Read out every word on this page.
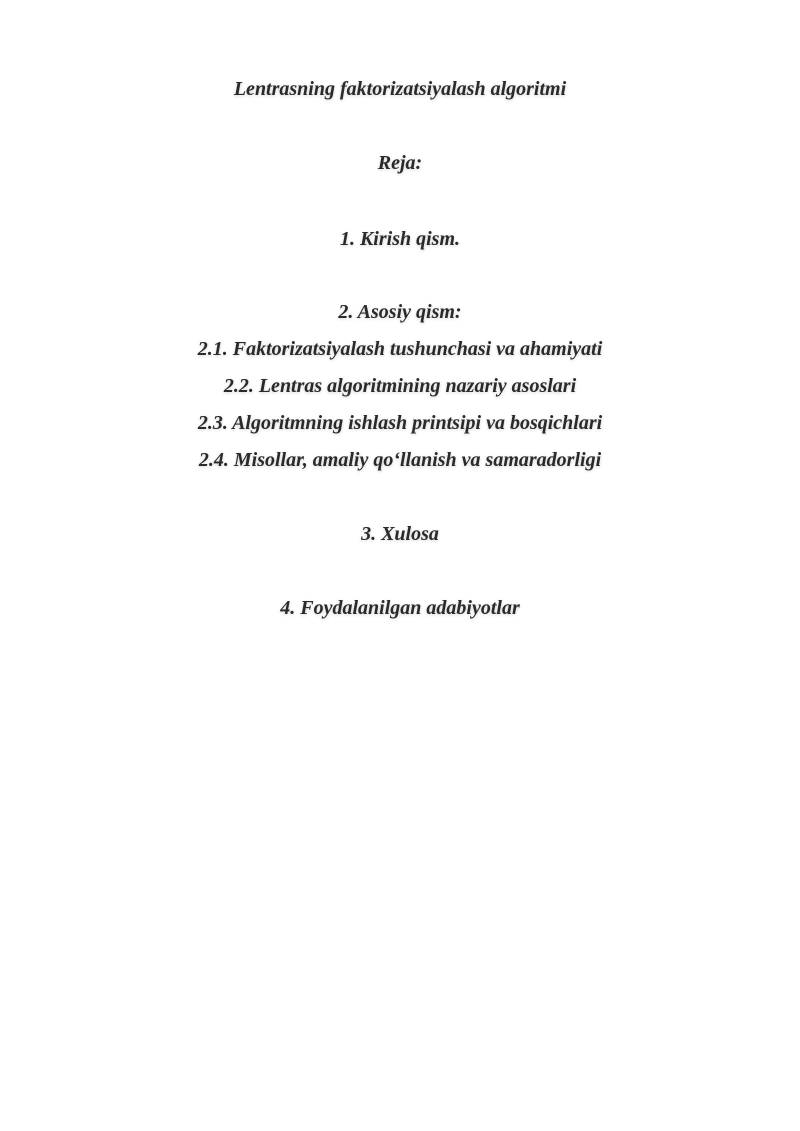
Lentrasning faktorizatsiyalash algoritmi
Reja:
1. Kirish qism.
2. Asosiy qism:
2.1. Faktorizatsiyalash tushunchasi va ahamiyati
2.2. Lentras algoritmining nazariy asoslari
2.3. Algoritmning ishlash printsipi va bosqichlari
2.4. Misollar, amaliy qo‘llanish va samaradorligi
3. Xulosa
4. Foydalanilgan adabiyotlar
